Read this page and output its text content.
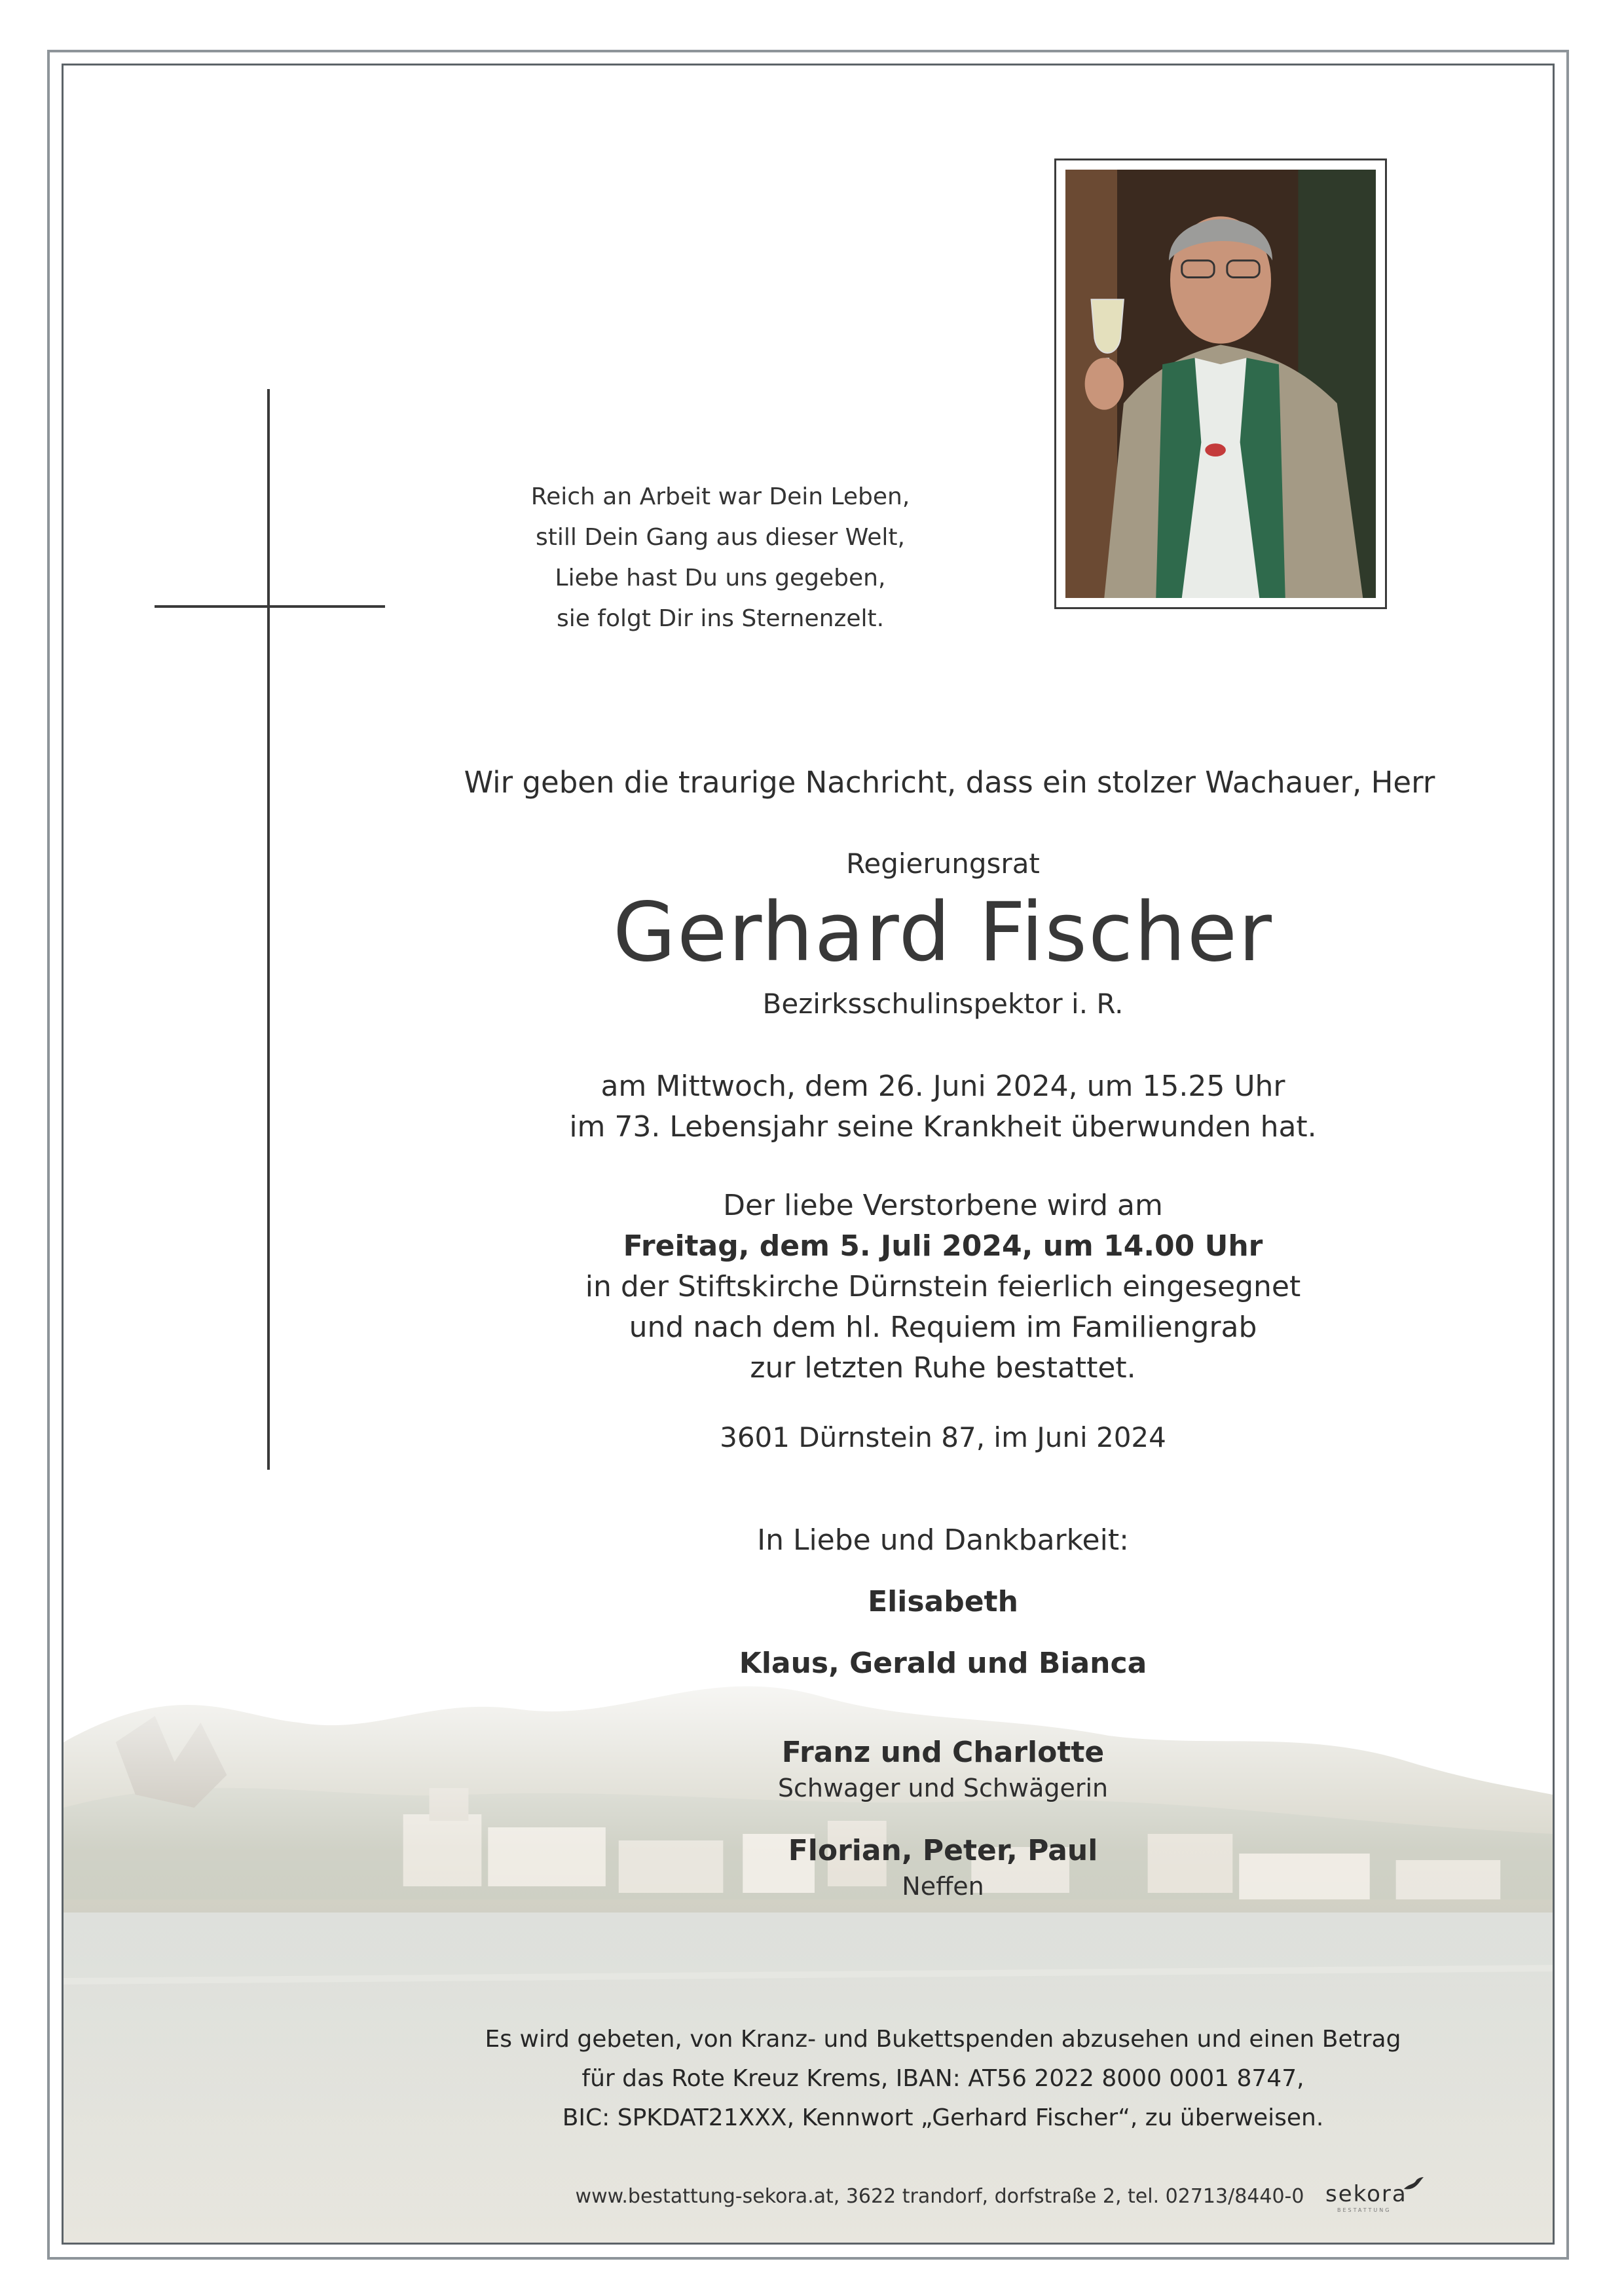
Reich an Arbeit war Dein Leben,
still Dein Gang aus dieser Welt,
Liebe hast Du uns gegeben,
sie folgt Dir ins Sternenzelt.
Wir geben die traurige Nachricht, dass ein stolzer Wachauer, Herr
Regierungsrat
Gerhard Fischer
Bezirksschulinspektor i. R.
am Mittwoch, dem 26. Juni 2024, um 15.25 Uhr
im 73. Lebensjahr seine Krankheit überwunden hat.
Der liebe Verstorbene wird am
Freitag, dem 5. Juli 2024, um 14.00 Uhr
in der Stiftskirche Dürnstein feierlich eingesegnet
und nach dem hl. Requiem im Familiengrab
zur letzten Ruhe bestattet.
3601 Dürnstein 87, im Juni 2024
In Liebe und Dankbarkeit:
Elisabeth
Klaus, Gerald und Bianca
Franz und Charlotte
Schwager und Schwägerin
Florian, Peter, Paul
Neffen
Es wird gebeten, von Kranz- und Bukettspenden abzusehen und einen Betrag
für das Rote Kreuz Krems, IBAN: AT56 2022 8000 0001 8747,
BIC: SPKDAT21XXX, Kennwort „Gerhard Fischer“, zu überweisen.
www.bestattung-sekora.at, 3622 trandorf, dorfstraße 2, tel. 02713/8440-0 sekora
BESTATTUNG
